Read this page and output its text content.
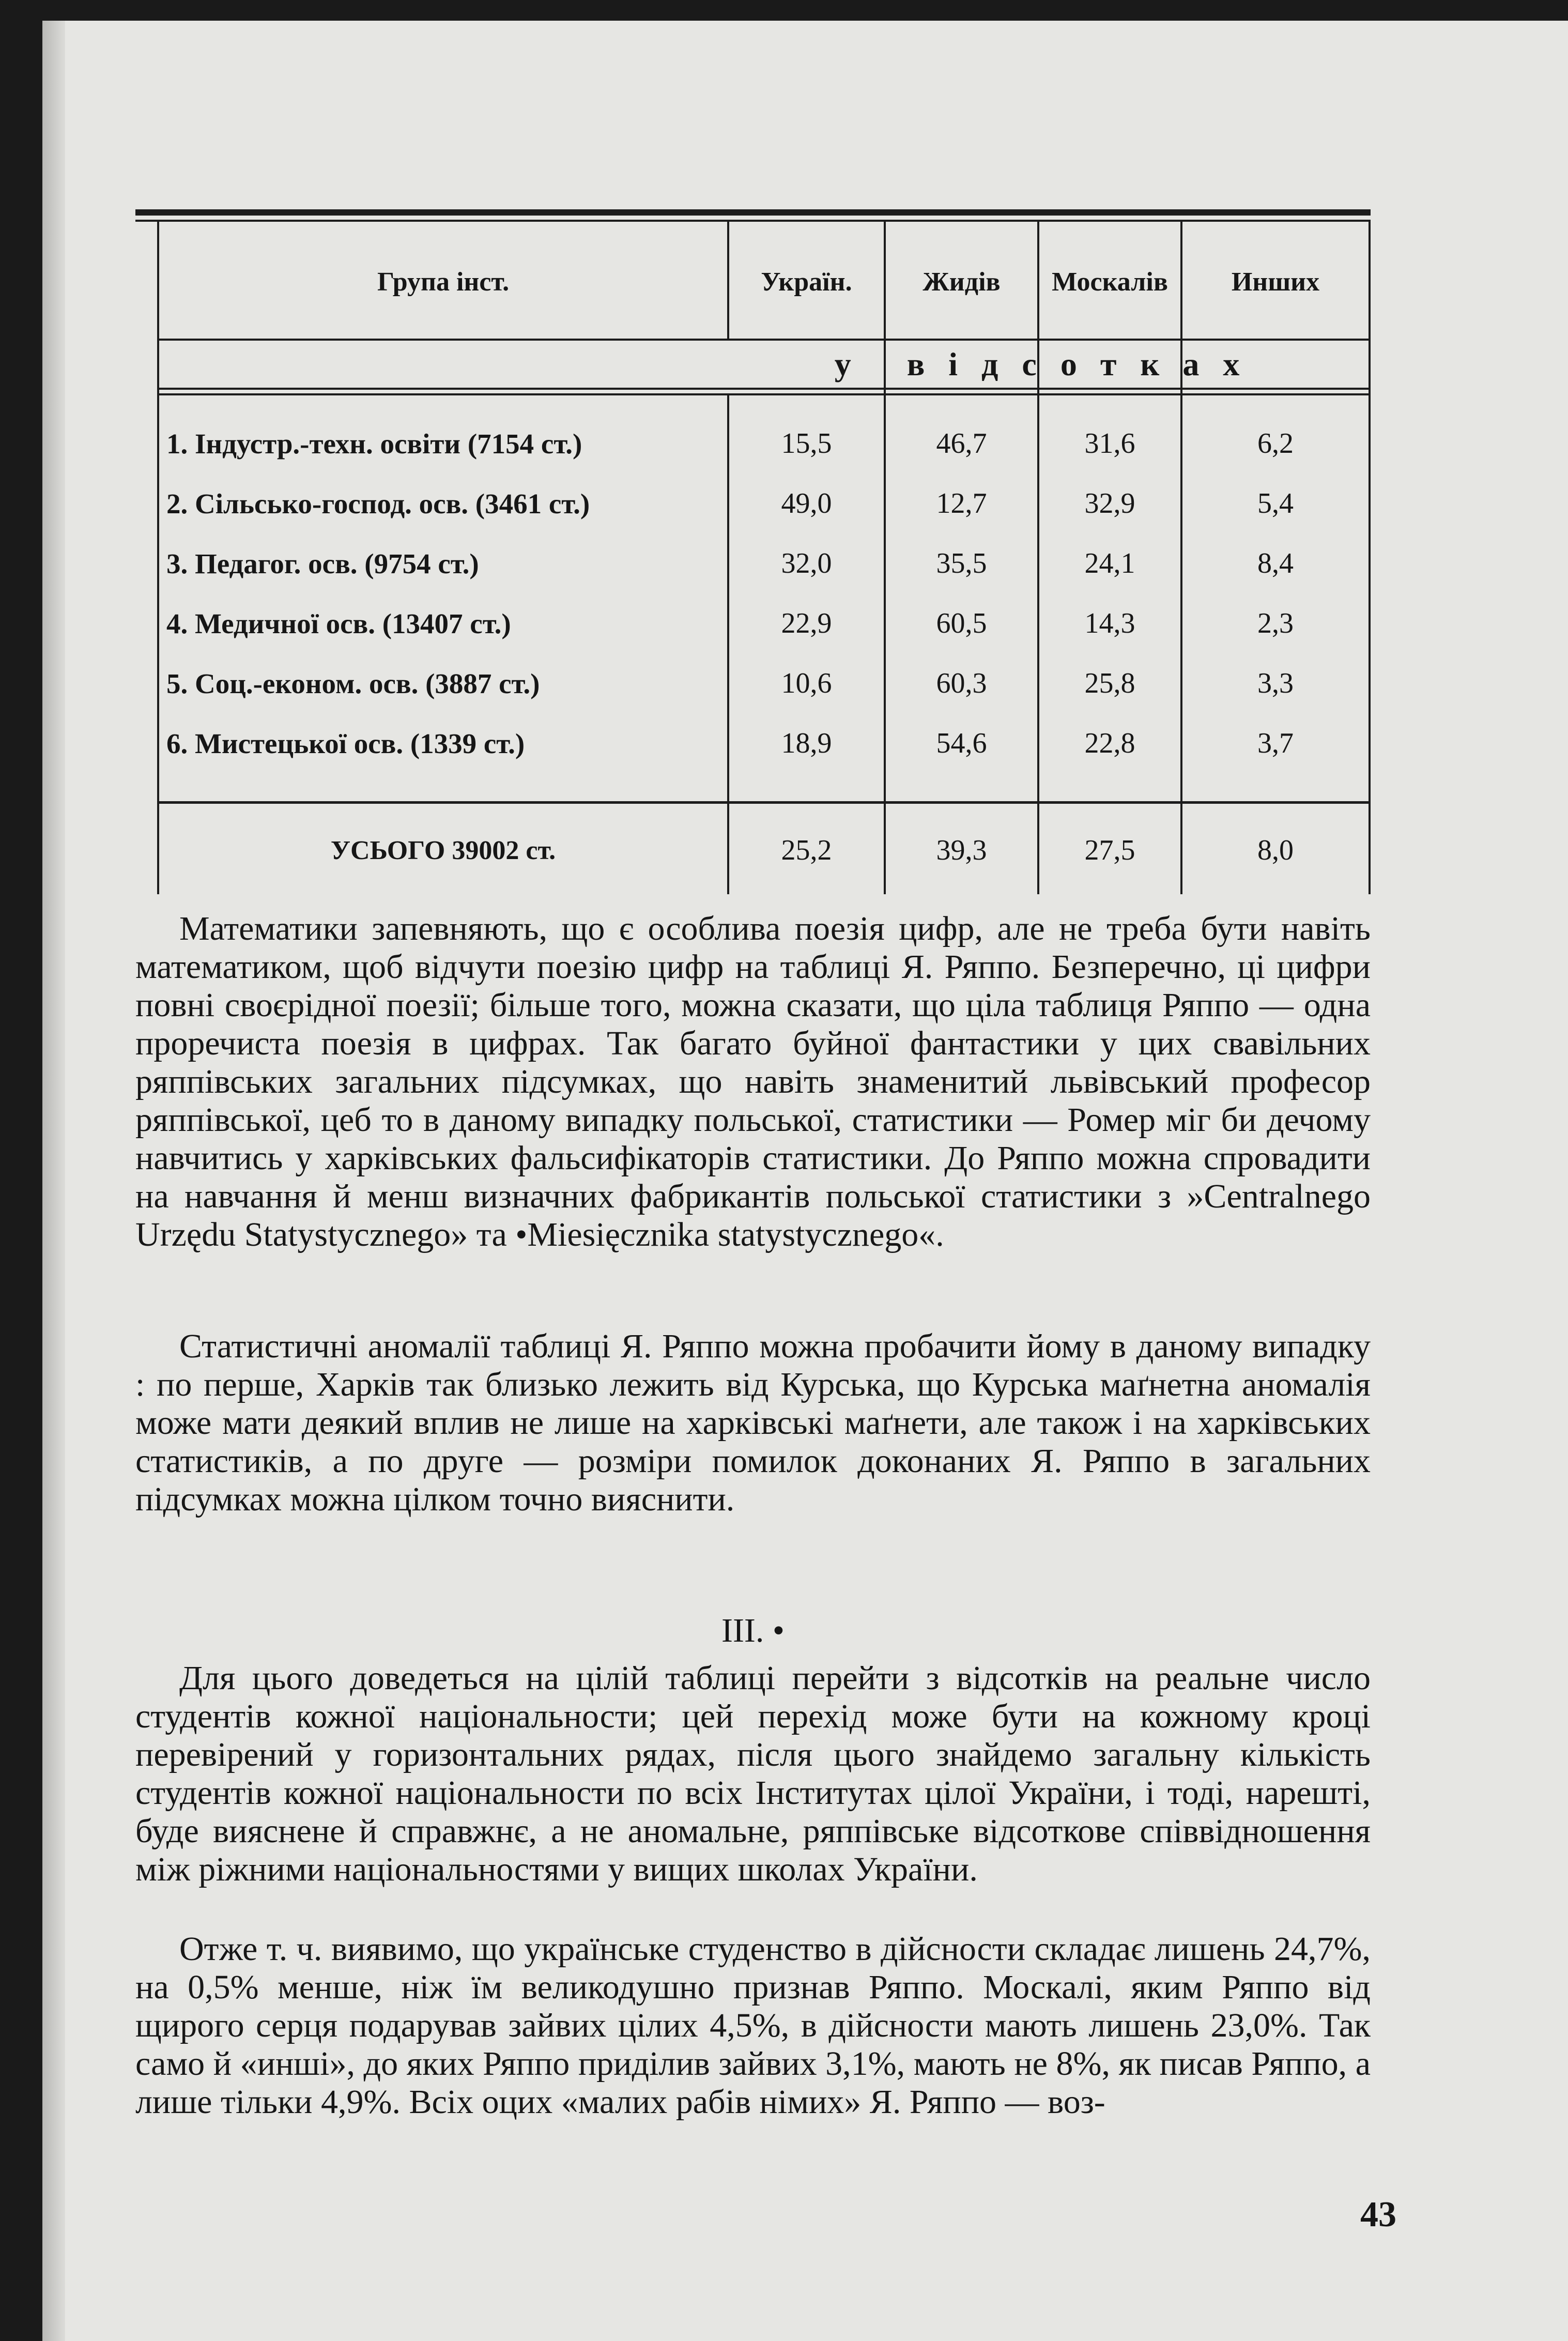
Група інст.	Україн.	Жидів	Москалів	Инших
у відсотках
1. Індустр.-техн. освіти (7154 ст.)	15,5	46,7	31,6	6,2
2. Сільсько-господ. осв. (3461 ст.)	49,0	12,7	32,9	5,4
3. Педагог. осв. (9754 ст.)	32,0	35,5	24,1	8,4
4. Медичної осв. (13407 ст.)	22,9	60,5	14,3	2,3
5. Соц.-економ. осв. (3887 ст.)	10,6	60,3	25,8	3,3
6. Мистецької осв. (1339 ст.)	18,9	54,6	22,8	3,7
УСЬОГО 39002 ст.	25,2	39,3	27,5	8,0

Математики запевняють, що є особлива поезія цифр, але не треба бути навіть математиком, щоб відчути поезію цифр на таблиці Я. Ряппо. Безперечно, ці цифри повні своєрідної поезії; більше того, можна сказати, що ціла таблиця Ряппо — одна проречиста поезія в цифрах. Так багато буйної фантастики у цих свавільних ряппівських загальних підсумках, що навіть знаменитий львівський професор ряппівської, цеб то в даному випадку польської, статистики — Ромер міг би дечому навчитись у харківських фальсифікаторів статистики. До Ряппо можна спровадити на навчання й менш визначних фабрикантів польської статистики з »Centralnego Urzędu Statystycznego» та •Miesięcznika statystycznego«.

Статистичні аномалії таблиці Я. Ряппо можна пробачити йому в даному випадку : по перше, Харків так близько лежить від Курська, що Курська маґнетна аномалія може мати деякий вплив не лише на харківські маґнети, але також і на харківських статистиків, а по друге — розміри помилок доконаних Я. Ряппо в загальних підсумках можна цілком точно вияснити.

III. •

Для цього доведеться на цілій таблиці перейти з відсотків на реальне число студентів кожної національности; цей перехід може бути на кожному кроці перевірений у горизонтальних рядах, після цього знайдемо загальну кількість студентів кожної національности по всіх Інститутах цілої України, і тоді, нарешті, буде вияснене й справжнє, а не аномальне, ряппівське відсоткове співвідношення між ріжними національностями у вищих школах України.

Отже т. ч. виявимо, що українське студенство в дійсности складає лишень 24,7%, на 0,5% менше, ніж їм великодушно признав Ряппо. Москалі, яким Ряппо від щирого серця подарував зайвих цілих 4,5%, в дійсности мають лишень 23,0%. Так само й «инші», до яких Ряппо приділив зайвих 3,1%, мають не 8%, як писав Ряппо, а лише тільки 4,9%. Всіх оцих «малих рабів німих» Я. Ряппо — воз-

43
